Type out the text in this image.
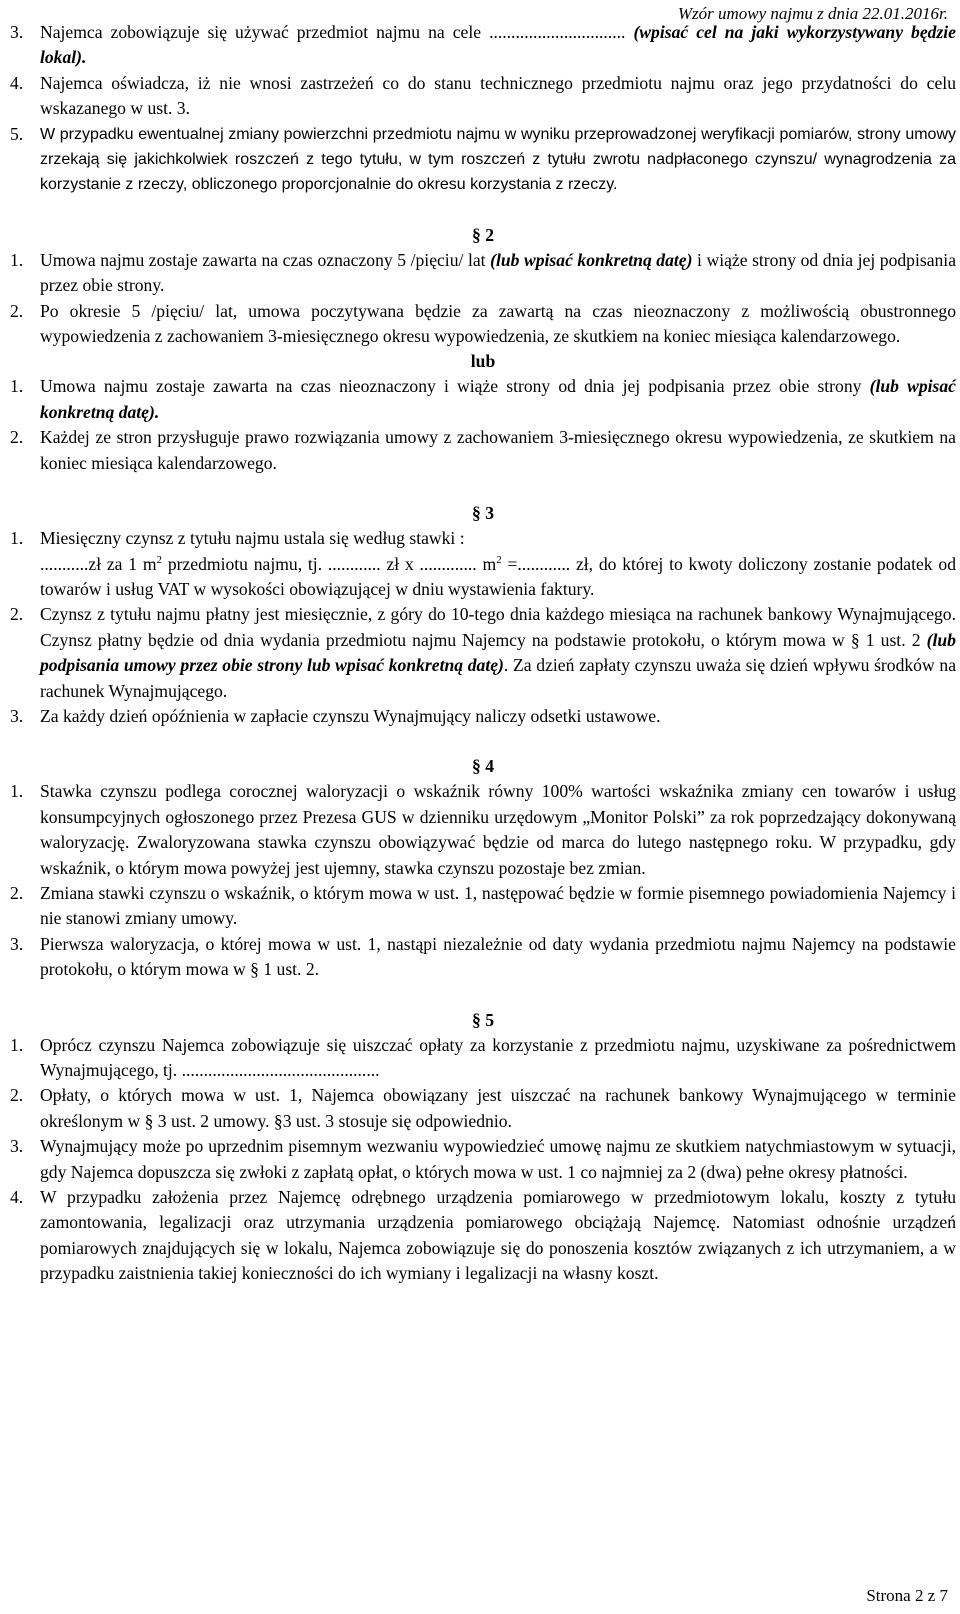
Wzór umowy najmu z dnia 22.01.2016r.
3. Najemca zobowiązuje się używać przedmiot najmu na cele ............................... (wpisać cel na jaki wykorzystywany będzie lokal).
4. Najemca oświadcza, iż nie wnosi zastrzeżeń co do stanu technicznego przedmiotu najmu oraz jego przydatności do celu wskazanego w ust. 3.
5.	W przypadku ewentualnej zmiany powierzchni przedmiotu najmu w wyniku przeprowadzonej weryfikacji pomiarów, strony umowy zrzekają się jakichkolwiek roszczeń z tego tytułu, w tym roszczeń z tytułu zwrotu nadpłaconego czynszu/ wynagrodzenia za korzystanie z rzeczy, obliczonego proporcjonalnie do okresu korzystania z rzeczy.
§ 2
1. Umowa najmu zostaje zawarta na czas oznaczony 5 /pięciu/ lat (lub wpisać konkretną datę) i wiąże strony od dnia jej podpisania przez obie strony.
2. Po okresie 5 /pięciu/ lat, umowa poczytywana będzie za zawartą na czas nieoznaczony z możliwością obustronnego wypowiedzenia z zachowaniem 3-miesięcznego okresu wypowiedzenia, ze skutkiem na koniec miesiąca kalendarzowego.
lub
1. Umowa najmu zostaje zawarta na czas nieoznaczony i wiąże strony od dnia jej podpisania przez obie strony (lub wpisać konkretną datę).
2. Każdej ze stron przysługuje prawo rozwiązania umowy z zachowaniem 3-miesięcznego okresu wypowiedzenia, ze skutkiem na koniec miesiąca kalendarzowego.
§ 3
1. Miesięczny czynsz z tytułu najmu ustala się według stawki :
...........zł za 1 $m^2$ przedmiotu najmu, tj. ............ zł x ............. $m^2$ =............ zł, do której to kwoty doliczony zostanie podatek od towarów i usług VAT w wysokości obowiązującej w dniu wystawienia faktury.
2. Czynsz z tytułu najmu płatny jest miesięcznie, z góry do 10-tego dnia każdego miesiąca na rachunek bankowy Wynajmującego. Czynsz płatny będzie od dnia wydania przedmiotu najmu Najemcy na podstawie protokołu, o którym mowa w § 1 ust. 2 (lub podpisania umowy przez obie strony lub wpisać konkretną datę). Za dzień zapłaty czynszu uważa się dzień wpływu środków na rachunek Wynajmującego.
3. Za każdy dzień opóźnienia w zapłacie czynszu Wynajmujący naliczy odsetki ustawowe.
§ 4
1. Stawka czynszu podlega corocznej waloryzacji o wskaźnik równy 100% wartości wskaźnika zmiany cen towarów i usług konsumpcyjnych ogłoszonego przez Prezesa GUS w dzienniku urzędowym „Monitor Polski” za rok poprzedzający dokonywaną waloryzację. Zwaloryzowana stawka czynszu obowiązywać będzie od marca do lutego następnego roku. W przypadku, gdy wskaźnik, o którym mowa powyżej jest ujemny, stawka czynszu pozostaje bez zmian.
2. Zmiana stawki czynszu o wskaźnik, o którym mowa w ust. 1, następować będzie w formie pisemnego powiadomienia Najemcy i nie stanowi zmiany umowy.
3. Pierwsza waloryzacja, o której mowa w ust. 1, nastąpi niezależnie od daty wydania przedmiotu najmu Najemcy na podstawie protokołu, o którym mowa w § 1 ust. 2.
§ 5
1. Oprócz czynszu Najemca zobowiązuje się uiszczać opłaty za korzystanie z przedmiotu najmu, uzyskiwane za pośrednictwem Wynajmującego, tj. .............................................
2. Opłaty, o których mowa w ust. 1, Najemca obowiązany jest uiszczać na rachunek bankowy Wynajmującego w terminie określonym w § 3 ust. 2 umowy. §3 ust. 3 stosuje się odpowiednio.
3. Wynajmujący może po uprzednim pisemnym wezwaniu wypowiedzieć umowę najmu ze skutkiem natychmiastowym w sytuacji, gdy Najemca dopuszcza się zwłoki z zapłatą opłat, o których mowa w ust. 1 co najmniej za 2 (dwa) pełne okresy płatności.
4. W przypadku założenia przez Najemcę odrębnego urządzenia pomiarowego w przedmiotowym lokalu, koszty z tytułu zamontowania, legalizacji oraz utrzymania urządzenia pomiarowego obciążają Najemcę. Natomiast odnośnie urządzeń pomiarowych znajdujących się w lokalu, Najemca zobowiązuje się do ponoszenia kosztów związanych z ich utrzymaniem, a w przypadku zaistnienia takiej konieczności do ich wymiany i legalizacji na własny koszt.
Strona 2 z 7
